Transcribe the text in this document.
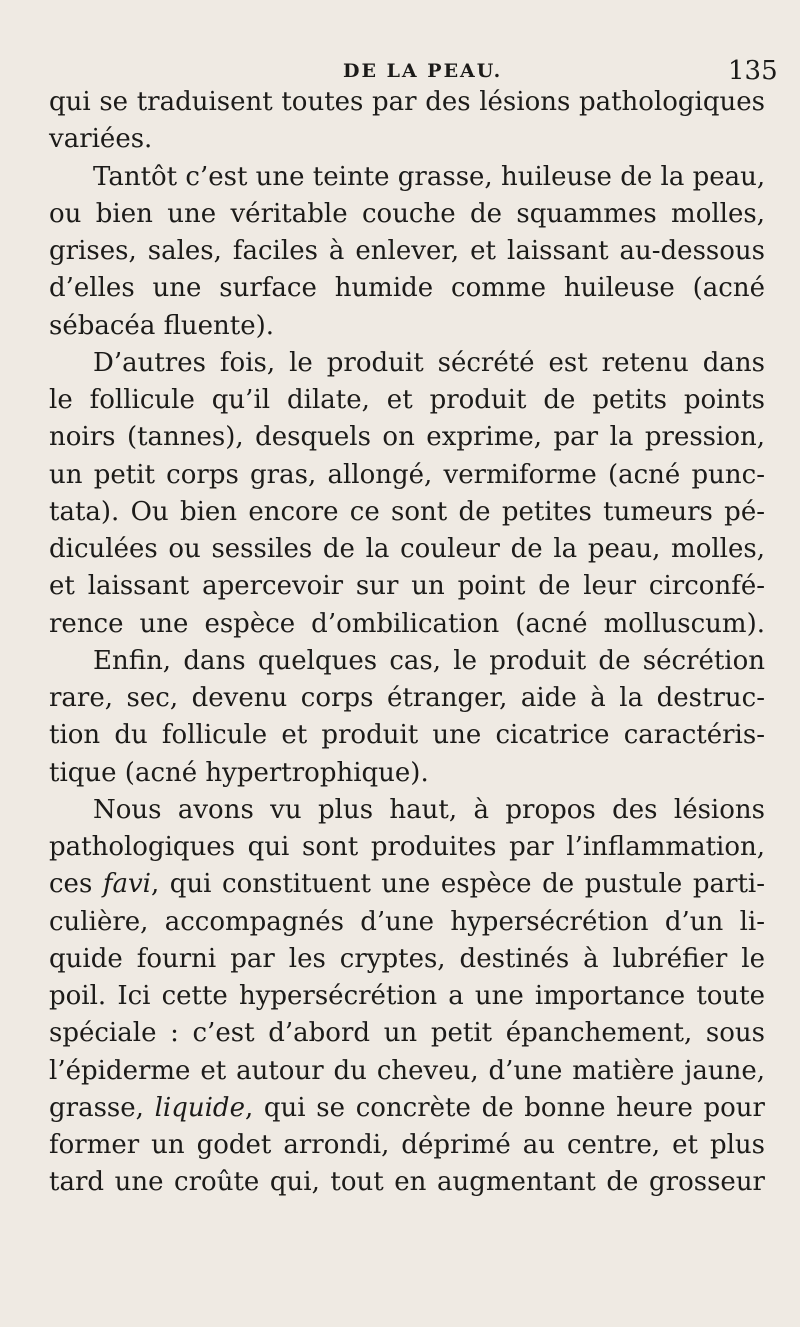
DE LA PEAU.	135
qui se traduisent toutes par des lésions pathologiques
variées.
Tantôt c’est une teinte grasse, huileuse de la peau,
ou bien une véritable couche de squammes molles,
grises, sales, faciles à enlever, et laissant au-dessous
d’elles une surface humide comme huileuse (acné
sébacéa fluente).
D’autres fois, le produit sécrété est retenu dans
le follicule qu’il dilate, et produit de petits points
noirs (tannes), desquels on exprime, par la pression,
un petit corps gras, allongé, vermiforme (acné punc-
tata). Ou bien encore ce sont de petites tumeurs pé-
diculées ou sessiles de la couleur de la peau, molles,
et laissant apercevoir sur un point de leur circonfé-
rence une espèce d’ombilication (acné molluscum).
Enfin, dans quelques cas, le produit de sécrétion
rare, sec, devenu corps étranger, aide à la destruc-
tion du follicule et produit une cicatrice caractéris-
tique (acné hypertrophique).
Nous avons vu plus haut, à propos des lésions
pathologiques qui sont produites par l’inflammation,
ces favi, qui constituent une espèce de pustule parti-
culière, accompagnés d’une hypersécrétion d’un li-
quide fourni par les cryptes, destinés à lubréfier le
poil. Ici cette hypersécrétion a une importance toute
spéciale : c’est d’abord un petit épanchement, sous
l’épiderme et autour du cheveu, d’une matière jaune,
grasse, liquide, qui se concrète de bonne heure pour
former un godet arrondi, déprimé au centre, et plus
tard une croûte qui, tout en augmentant de grosseur
